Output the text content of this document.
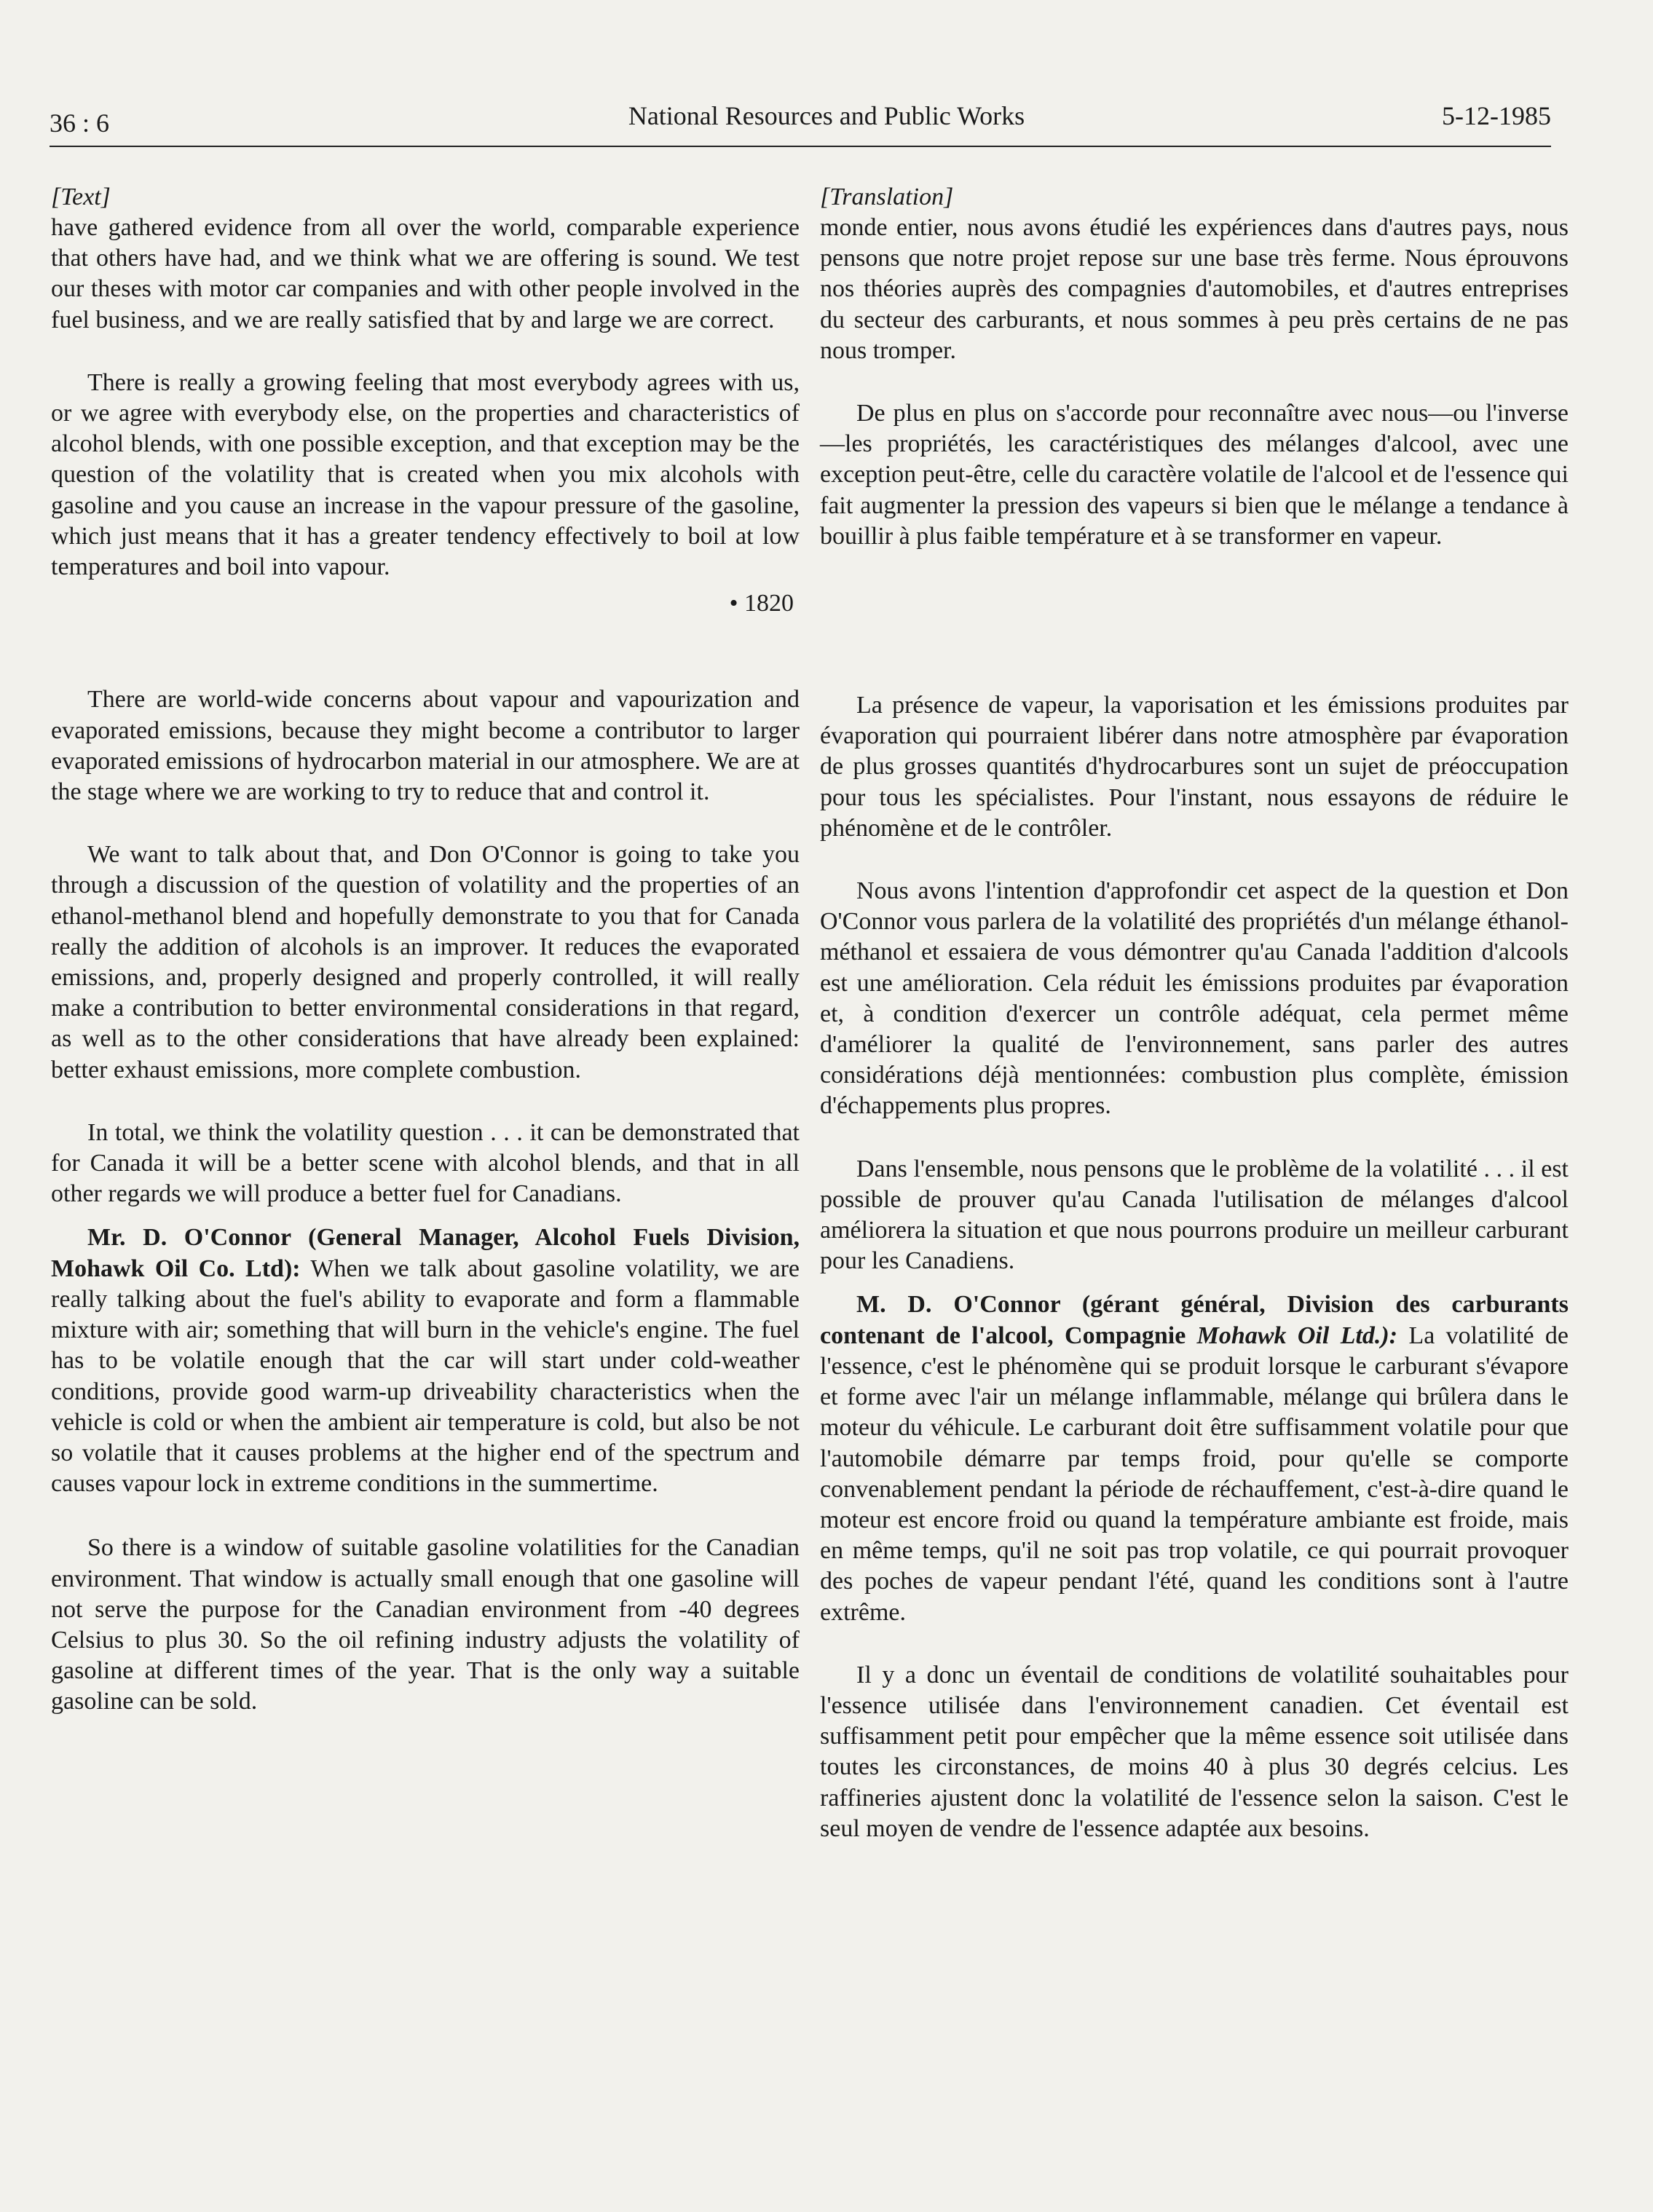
36 : 6	National Resources and Public Works	5-12-1985
[Text]

have gathered evidence from all over the world, comparable experience that others have had, and we think what we are offering is sound. We test our theses with motor car companies and with other people involved in the fuel business, and we are really satisfied that by and large we are correct.

There is really a growing feeling that most everybody agrees with us, or we agree with everybody else, on the properties and characteristics of alcohol blends, with one possible exception, and that exception may be the question of the volatility that is created when you mix alcohols with gasoline and you cause an increase in the vapour pressure of the gasoline, which just means that it has a greater tendency effectively to boil at low temperatures and boil into vapour.

• 1820

There are world-wide concerns about vapour and vapourization and evaporated emissions, because they might become a contributor to larger evaporated emissions of hydrocarbon material in our atmosphere. We are at the stage where we are working to try to reduce that and control it.

We want to talk about that, and Don O'Connor is going to take you through a discussion of the question of volatility and the properties of an ethanol-methanol blend and hopefully demonstrate to you that for Canada really the addition of alcohols is an improver. It reduces the evaporated emissions, and, properly designed and properly controlled, it will really make a contribution to better environmental considerations in that regard, as well as to the other considerations that have already been explained: better exhaust emissions, more complete combustion.

In total, we think the volatility question . . . it can be demonstrated that for Canada it will be a better scene with alcohol blends, and that in all other regards we will produce a better fuel for Canadians.

Mr. D. O'Connor (General Manager, Alcohol Fuels Division, Mohawk Oil Co. Ltd): When we talk about gasoline volatility, we are really talking about the fuel's ability to evaporate and form a flammable mixture with air; something that will burn in the vehicle's engine. The fuel has to be volatile enough that the car will start under cold-weather conditions, provide good warm-up driveability characteristics when the vehicle is cold or when the ambient air temperature is cold, but also be not so volatile that it causes problems at the higher end of the spectrum and causes vapour lock in extreme conditions in the summertime.

So there is a window of suitable gasoline volatilities for the Canadian environment. That window is actually small enough that one gasoline will not serve the purpose for the Canadian environment from -40 degrees Celsius to plus 30. So the oil refining industry adjusts the volatility of gasoline at different times of the year. That is the only way a suitable gasoline can be sold.

[Translation]

monde entier, nous avons étudié les expériences dans d'autres pays, nous pensons que notre projet repose sur une base très ferme. Nous éprouvons nos théories auprès des compagnies d'automobiles, et d'autres entreprises du secteur des carburants, et nous sommes à peu près certains de ne pas nous tromper.

De plus en plus on s'accorde pour reconnaître avec nous—ou l'inverse—les propriétés, les caractéristiques des mélanges d'alcool, avec une exception peut-être, celle du caractère volatile de l'alcool et de l'essence qui fait augmenter la pression des vapeurs si bien que le mélange a tendance à bouillir à plus faible température et à se transformer en vapeur.

La présence de vapeur, la vaporisation et les émissions produites par évaporation qui pourraient libérer dans notre atmosphère par évaporation de plus grosses quantités d'hydrocarbures sont un sujet de préoccupation pour tous les spécialistes. Pour l'instant, nous essayons de réduire le phénomène et de le contrôler.

Nous avons l'intention d'approfondir cet aspect de la question et Don O'Connor vous parlera de la volatilité des propriétés d'un mélange éthanol-méthanol et essaiera de vous démontrer qu'au Canada l'addition d'alcools est une amélioration. Cela réduit les émissions produites par évaporation et, à condition d'exercer un contrôle adéquat, cela permet même d'améliorer la qualité de l'environnement, sans parler des autres considérations déjà mentionnées: combustion plus complète, émission d'échappements plus propres.

Dans l'ensemble, nous pensons que le problème de la volatilité . . . il est possible de prouver qu'au Canada l'utilisation de mélanges d'alcool améliorera la situation et que nous pourrons produire un meilleur carburant pour les Canadiens.

M. D. O'Connor (gérant général, Division des carburants contenant de l'alcool, Compagnie Mohawk Oil Ltd.): La volatilité de l'essence, c'est le phénomène qui se produit lorsque le carburant s'évapore et forme avec l'air un mélange inflammable, mélange qui brûlera dans le moteur du véhicule. Le carburant doit être suffisamment volatile pour que l'automobile démarre par temps froid, pour qu'elle se comporte convenablement pendant la période de réchauffement, c'est-à-dire quand le moteur est encore froid ou quand la température ambiante est froide, mais en même temps, qu'il ne soit pas trop volatile, ce qui pourrait provoquer des poches de vapeur pendant l'été, quand les conditions sont à l'autre extrême.

Il y a donc un éventail de conditions de volatilité souhaitables pour l'essence utilisée dans l'environnement canadien. Cet éventail est suffisamment petit pour empêcher que la même essence soit utilisée dans toutes les circonstances, de moins 40 à plus 30 degrés celcius. Les raffineries ajustent donc la volatilité de l'essence selon la saison. C'est le seul moyen de vendre de l'essence adaptée aux besoins.
